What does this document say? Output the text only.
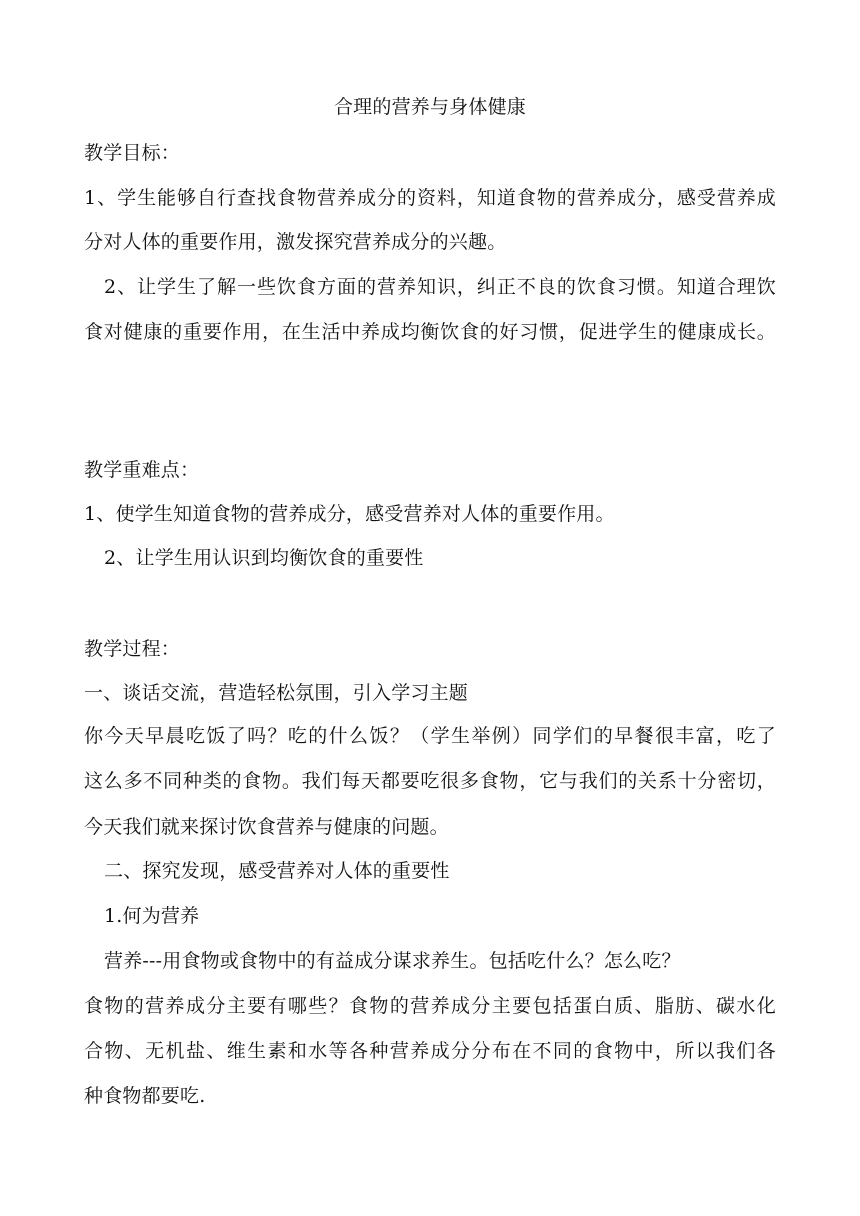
合理的营养与身体健康
教学目标：
1、学生能够自行查找食物营养成分的资料，知道食物的营养成分，感受营养成
分对人体的重要作用，激发探究营养成分的兴趣。
2、让学生了解一些饮食方面的营养知识，纠正不良的饮食习惯。知道合理饮
食对健康的重要作用，在生活中养成均衡饮食的好习惯，促进学生的健康成长。
教学重难点：
1、使学生知道食物的营养成分，感受营养对人体的重要作用。
2、让学生用认识到均衡饮食的重要性
教学过程：
一、谈话交流，营造轻松氛围，引入学习主题
你今天早晨吃饭了吗？吃的什么饭？（学生举例）同学们的早餐很丰富，吃了
这么多不同种类的食物。我们每天都要吃很多食物，它与我们的关系十分密切，
今天我们就来探讨饮食营养与健康的问题。
二、探究发现，感受营养对人体的重要性
1.何为营养
营养---用食物或食物中的有益成分谋求养生。包括吃什么？怎么吃？
食物的营养成分主要有哪些？食物的营养成分主要包括蛋白质、脂肪、碳水化
合物、无机盐、维生素和水等各种营养成分分布在不同的食物中，所以我们各
种食物都要吃.
